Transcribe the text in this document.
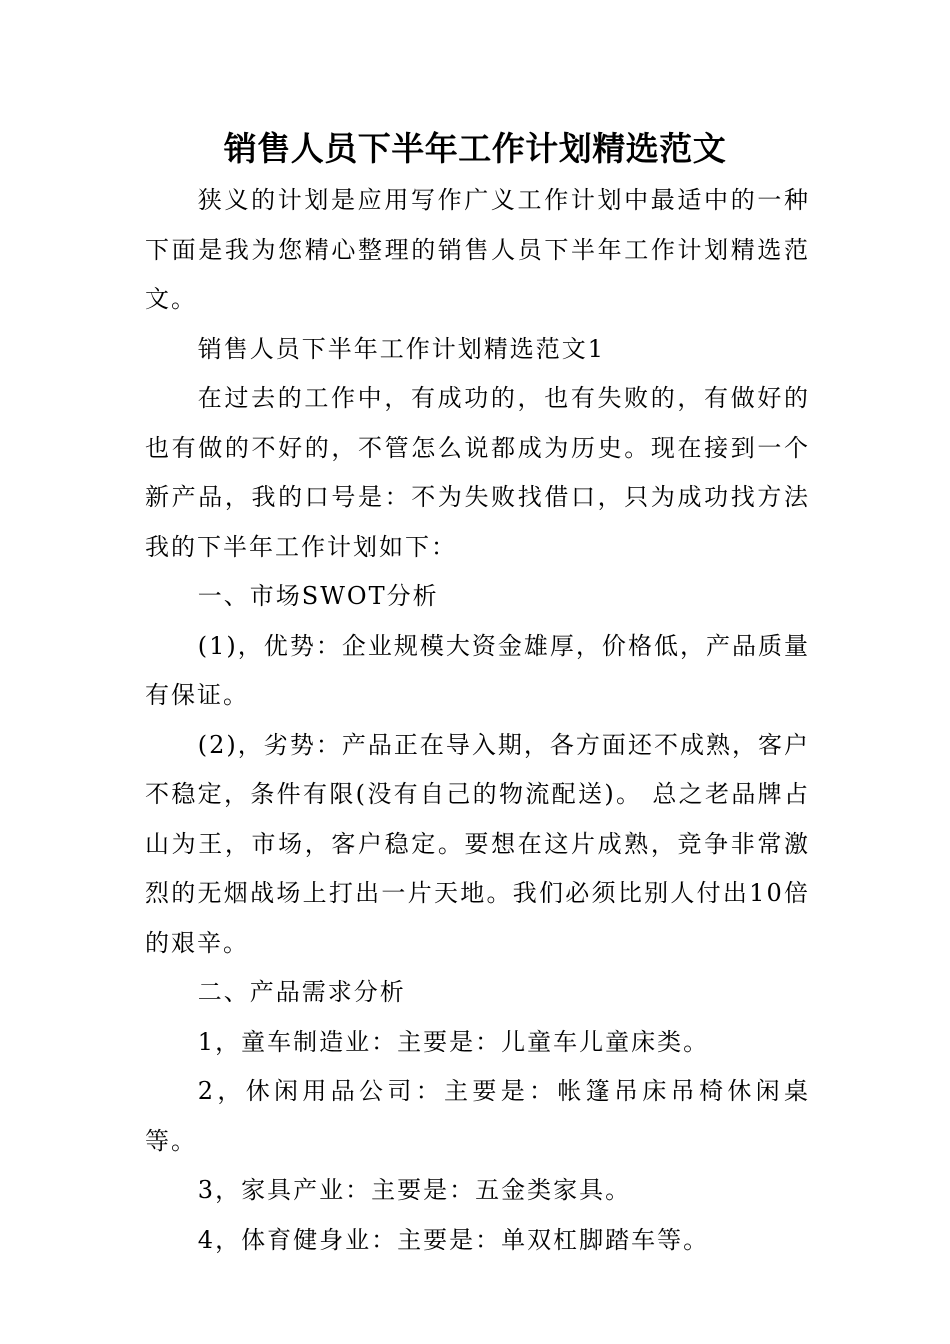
销售人员下半年工作计划精选范文

狭义的计划是应用写作广义工作计划中最适中的一种下面是我为您精心整理的销售人员下半年工作计划精选范文。

销售人员下半年工作计划精选范文1

在过去的工作中，有成功的，也有失败的，有做好的也有做的不好的，不管怎么说都成为历史。现在接到一个新产品，我的口号是：不为失败找借口，只为成功找方法我的下半年工作计划如下：

一、市场SWOT分析

(1)，优势：企业规模大资金雄厚，价格低，产品质量有保证。

(2)，劣势：产品正在导入期，各方面还不成熟，客户不稳定，条件有限(没有自己的物流配送)。 总之老品牌占山为王，市场，客户稳定。要想在这片成熟，竞争非常激烈的无烟战场上打出一片天地。我们必须比别人付出10倍的艰辛。

二、产品需求分析

1，童车制造业：主要是：儿童车儿童床类。

2，休闲用品公司：主要是：帐篷吊床吊椅休闲桌等。

3，家具产业：主要是：五金类家具。

4，体育健身业：主要是：单双杠脚踏车等。
